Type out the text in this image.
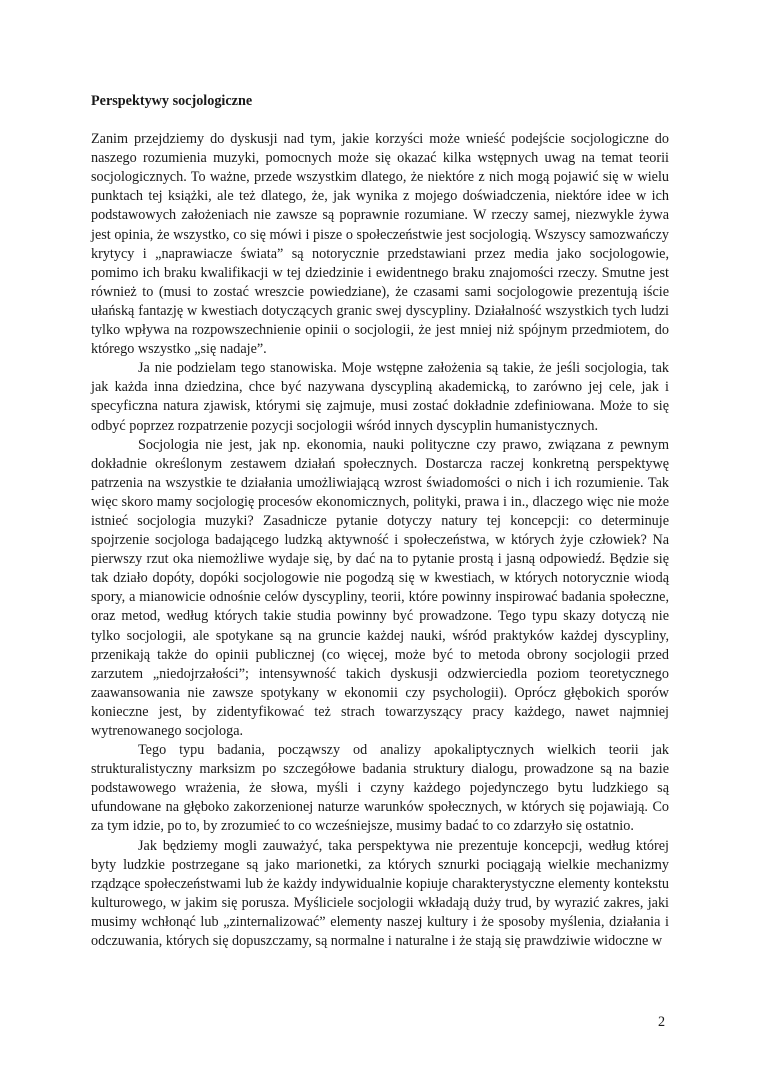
Perspektywy socjologiczne

Zanim przejdziemy do dyskusji nad tym, jakie korzyści może wnieść podejście socjologiczne do naszego rozumienia muzyki, pomocnych może się okazać kilka wstępnych uwag na temat teorii socjologicznych. To ważne, przede wszystkim dlatego, że niektóre z nich mogą pojawić się w wielu punktach tej książki, ale też dlatego, że, jak wynika z mojego doświadczenia, niektóre idee w ich podstawowych założeniach nie zawsze są poprawnie rozumiane. W rzeczy samej, niezwykle żywa jest opinia, że wszystko, co się mówi i pisze o społeczeństwie jest socjologią. Wszyscy samozwańczy krytycy i „naprawiacze świata” są notorycznie przedstawiani przez media jako socjologowie, pomimo ich braku kwalifikacji w tej dziedzinie i ewidentnego braku znajomości rzeczy. Smutne jest również to (musi to zostać wreszcie powiedziane), że czasami sami socjologowie prezentują iście ułańską fantazję w kwestiach dotyczących granic swej dyscypliny. Działalność wszystkich tych ludzi tylko wpływa na rozpowszechnienie opinii o socjologii, że jest mniej niż spójnym przedmiotem, do którego wszystko „się nadaje”.

Ja nie podzielam tego stanowiska. Moje wstępne założenia są takie, że jeśli socjologia, tak jak każda inna dziedzina, chce być nazywana dyscypliną akademicką, to zarówno jej cele, jak i specyficzna natura zjawisk, którymi się zajmuje, musi zostać dokładnie zdefiniowana. Może to się odbyć poprzez rozpatrzenie pozycji socjologii wśród innych dyscyplin humanistycznych.

Socjologia nie jest, jak np. ekonomia, nauki polityczne czy prawo, związana z pewnym dokładnie określonym zestawem działań społecznych. Dostarcza raczej konkretną perspektywę patrzenia na wszystkie te działania umożliwiającą wzrost świadomości o nich i ich rozumienie. Tak więc skoro mamy socjologię procesów ekonomicznych, polityki, prawa i in., dlaczego więc nie może istnieć socjologia muzyki? Zasadnicze pytanie dotyczy natury tej koncepcji: co determinuje spojrzenie socjologa badającego ludzką aktywność i społeczeństwa, w których żyje człowiek? Na pierwszy rzut oka niemożliwe wydaje się, by dać na to pytanie prostą i jasną odpowiedź. Będzie się tak działo dopóty, dopóki socjologowie nie pogodzą się w kwestiach, w których notorycznie wiodą spory, a mianowicie odnośnie celów dyscypliny, teorii, które powinny inspirować badania społeczne, oraz metod, według których takie studia powinny być prowadzone. Tego typu skazy dotyczą nie tylko socjologii, ale spotykane są na gruncie każdej nauki, wśród praktyków każdej dyscypliny, przenikają także do opinii publicznej (co więcej, może być to metoda obrony socjologii przed zarzutem „niedojrzałości”; intensywność takich dyskusji odzwierciedla poziom teoretycznego zaawansowania nie zawsze spotykany w ekonomii czy psychologii). Oprócz głębokich sporów konieczne jest, by zidentyfikować też strach towarzyszący pracy każdego, nawet najmniej wytrenowanego socjologa.

Tego typu badania, począwszy od analizy apokaliptycznych wielkich teorii jak strukturalistyczny marksizm po szczegółowe badania struktury dialogu, prowadzone są na bazie podstawowego wrażenia, że słowa, myśli i czyny każdego pojedynczego bytu ludzkiego są ufundowane na głęboko zakorzenionej naturze warunków społecznych, w których się pojawiają. Co za tym idzie, po to, by zrozumieć to co wcześniejsze, musimy badać to co zdarzyło się ostatnio.

Jak będziemy mogli zauważyć, taka perspektywa nie prezentuje koncepcji, według której byty ludzkie postrzegane są jako marionetki, za których sznurki pociągają wielkie mechanizmy rządzące społeczeństwami lub że każdy indywidualnie kopiuje charakterystyczne elementy kontekstu kulturowego, w jakim się porusza. Myśliciele socjologii wkładają duży trud, by wyrazić zakres, jaki musimy wchłonąć lub „zinternalizować” elementy naszej kultury i że sposoby myślenia, działania i odczuwania, których się dopuszczamy, są normalne i naturalne i że stają się prawdziwie widoczne w

2
